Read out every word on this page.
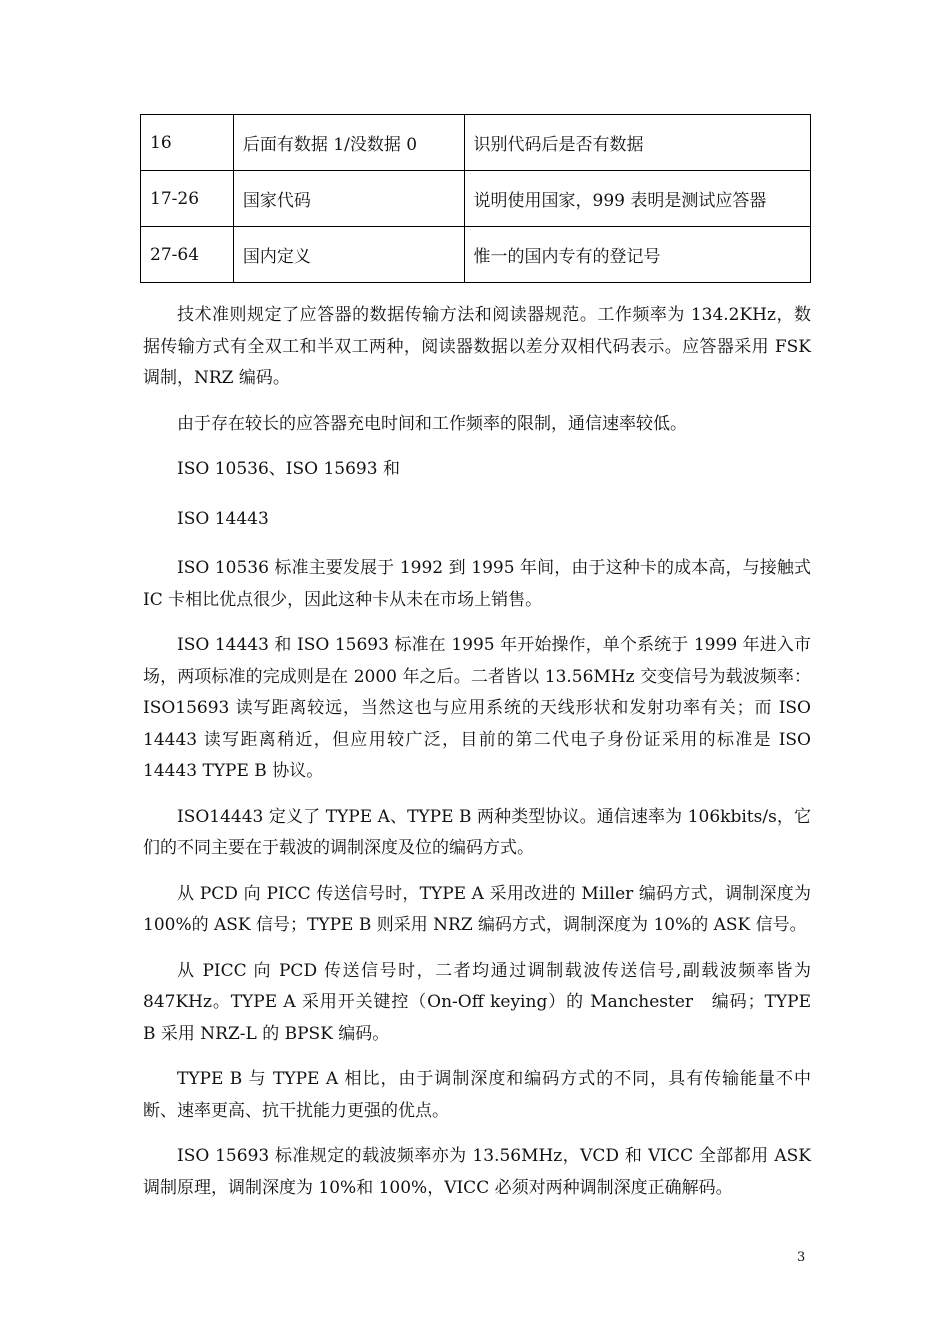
16	后面有数据 1/没数据 0	识别代码后是否有数据
17-26	国家代码	说明使用国家，999 表明是测试应答器
27-64	国内定义	惟一的国内专有的登记号

技术准则规定了应答器的数据传输方法和阅读器规范。工作频率为 134.2KHz，数据传输方式有全双工和半双工两种，阅读器数据以差分双相代码表示。应答器采用 FSK 调制，NRZ 编码。

由于存在较长的应答器充电时间和工作频率的限制，通信速率较低。

ISO 10536、ISO 15693 和

ISO 14443

ISO 10536 标准主要发展于 1992 到 1995 年间，由于这种卡的成本高，与接触式 IC 卡相比优点很少，因此这种卡从未在市场上销售。

ISO 14443 和 ISO 15693 标准在 1995 年开始操作，单个系统于 1999 年进入市场，两项标准的完成则是在 2000 年之后。二者皆以 13.56MHz 交变信号为载波频率：ISO15693 读写距离较远，当然这也与应用系统的天线形状和发射功率有关；而 ISO 14443 读写距离稍近，但应用较广泛，目前的第二代电子身份证采用的标准是 ISO 14443 TYPE B 协议。

ISO14443 定义了 TYPE A、TYPE B 两种类型协议。通信速率为 106kbits/s，它们的不同主要在于载波的调制深度及位的编码方式。

从 PCD 向 PICC 传送信号时，TYPE A 采用改进的 Miller 编码方式，调制深度为 100%的 ASK 信号；TYPE B 则采用 NRZ 编码方式，调制深度为 10%的 ASK 信号。

从 PICC 向 PCD 传送信号时，二者均通过调制载波传送信号,副载波频率皆为 847KHz。TYPE A 采用开关键控（On-Off keying）的 Manchester　编码；TYPE B 采用 NRZ-L 的 BPSK 编码。

TYPE B 与 TYPE A 相比，由于调制深度和编码方式的不同，具有传输能量不中断、速率更高、抗干扰能力更强的优点。

ISO 15693 标准规定的载波频率亦为 13.56MHz，VCD 和 VICC 全部都用 ASK 调制原理，调制深度为 10%和 100%，VICC 必须对两种调制深度正确解码。

3
